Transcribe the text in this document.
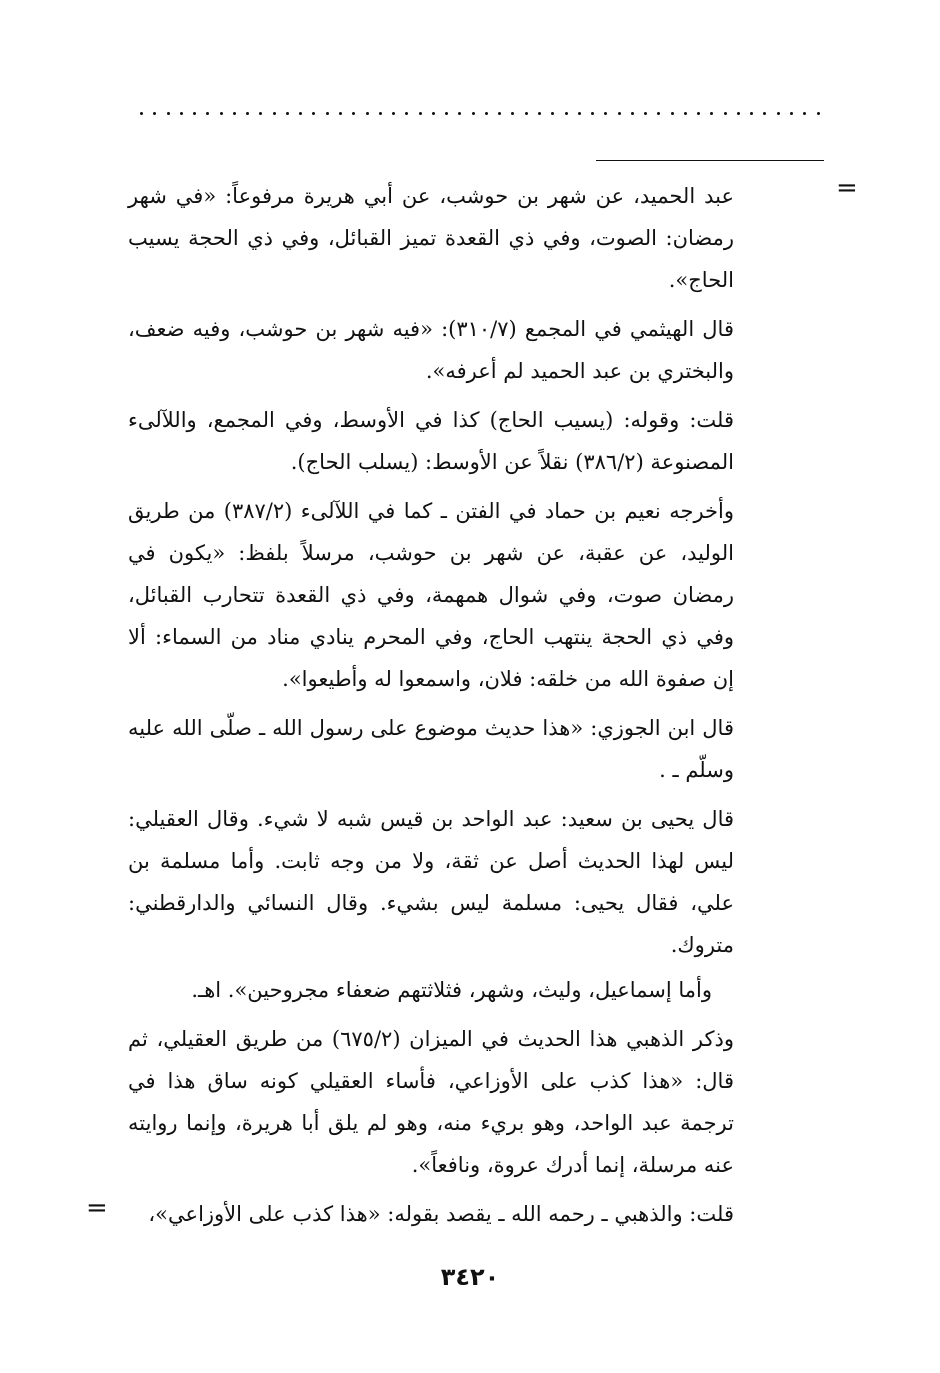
=

عبد الحميد، عن شهر بن حوشب، عن أبي هريرة مرفوعاً: «في شهر رمضان: الصوت، وفي ذي القعدة تميز القبائل، وفي ذي الحجة يسيب الحاج».

قال الهيثمي في المجمع (٣١٠/٧): «فيه شهر بن حوشب، وفيه ضعف، والبختري بن عبد الحميد لم أعرفه».

قلت: وقوله: (يسيب الحاج) كذا في الأوسط، وفي المجمع، واللآلىء المصنوعة (٣٨٦/٢) نقلاً عن الأوسط: (يسلب الحاج).

وأخرجه نعيم بن حماد في الفتن ـ كما في اللآلىء (٣٨٧/٢) من طريق الوليد، عن عقبة، عن شهر بن حوشب، مرسلاً بلفظ: «يكون في رمضان صوت، وفي شوال همهمة، وفي ذي القعدة تتحارب القبائل، وفي ذي الحجة ينتهب الحاج، وفي المحرم ينادي مناد من السماء: ألا إن صفوة الله من خلقه: فلان، واسمعوا له وأطيعوا».

قال ابن الجوزي: «هذا حديث موضوع على رسول الله ـ صلّى الله عليه وسلّم ـ .

قال يحيى بن سعيد: عبد الواحد بن قيس شبه لا شيء. وقال العقيلي: ليس لهذا الحديث أصل عن ثقة، ولا من وجه ثابت. وأما مسلمة بن علي، فقال يحيى: مسلمة ليس بشيء. وقال النسائي والدارقطني: متروك.

وأما إسماعيل، وليث، وشهر، فثلاثتهم ضعفاء مجروحين». اهـ.

وذكر الذهبي هذا الحديث في الميزان (٦٧٥/٢) من طريق العقيلي، ثم قال: «هذا كذب على الأوزاعي، فأساء العقيلي كونه ساق هذا في ترجمة عبد الواحد، وهو بريء منه، وهو لم يلق أبا هريرة، وإنما روايته عنه مرسلة، إنما أدرك عروة، ونافعاً».

قلت: والذهبي ـ رحمه الله ـ يقصد بقوله: «هذا كذب على الأوزاعي»،

=
٣٤٢٠
